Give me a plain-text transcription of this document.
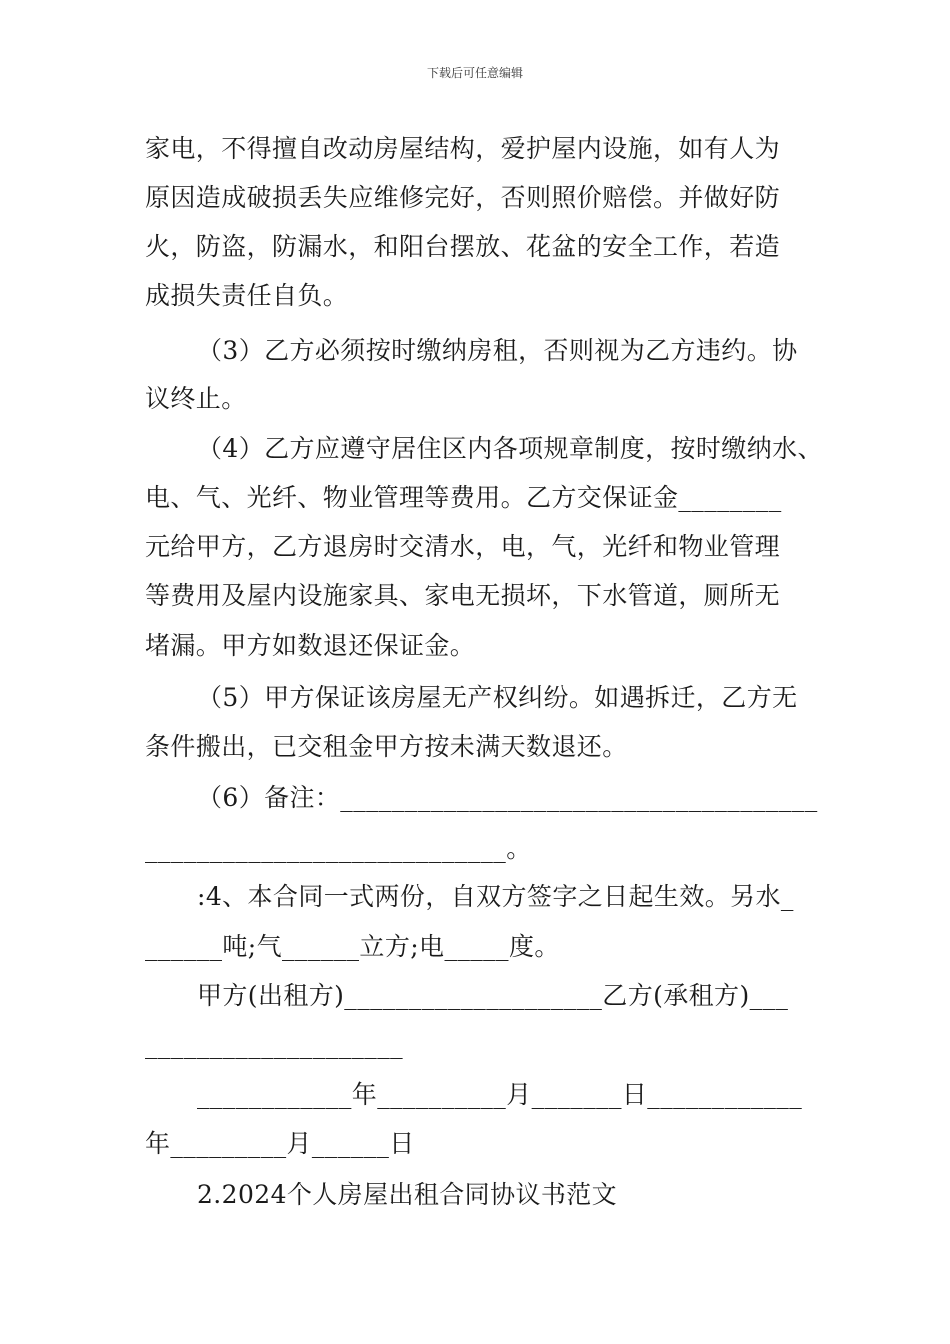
下载后可任意编辑
家电，不得擅自改动房屋结构，爱护屋内设施，如有人为
原因造成破损丢失应维修完好，否则照价赔偿。并做好防
火，防盗，防漏水，和阳台摆放、花盆的安全工作，若造
成损失责任自负。
（3）乙方必须按时缴纳房租，否则视为乙方违约。协
议终止。
（4）乙方应遵守居住区内各项规章制度，按时缴纳水、
电、气、光纤、物业管理等费用。乙方交保证金________
元给甲方，乙方退房时交清水，电，气，光纤和物业管理
等费用及屋内设施家具、家电无损坏，下水管道，厕所无
堵漏。甲方如数退还保证金。
（5）甲方保证该房屋无产权纠纷。如遇拆迁，乙方无
条件搬出，已交租金甲方按未满天数退还。
（6）备注：_____________________________________
____________________________。
:4、本合同一式两份，自双方签字之日起生效。另水_
______吨;气______立方;电_____度。
甲方(出租方)____________________乙方(承租方)___
____________________
____________年__________月_______日____________
年_________月______日
2.2024个人房屋出租合同协议书范文
